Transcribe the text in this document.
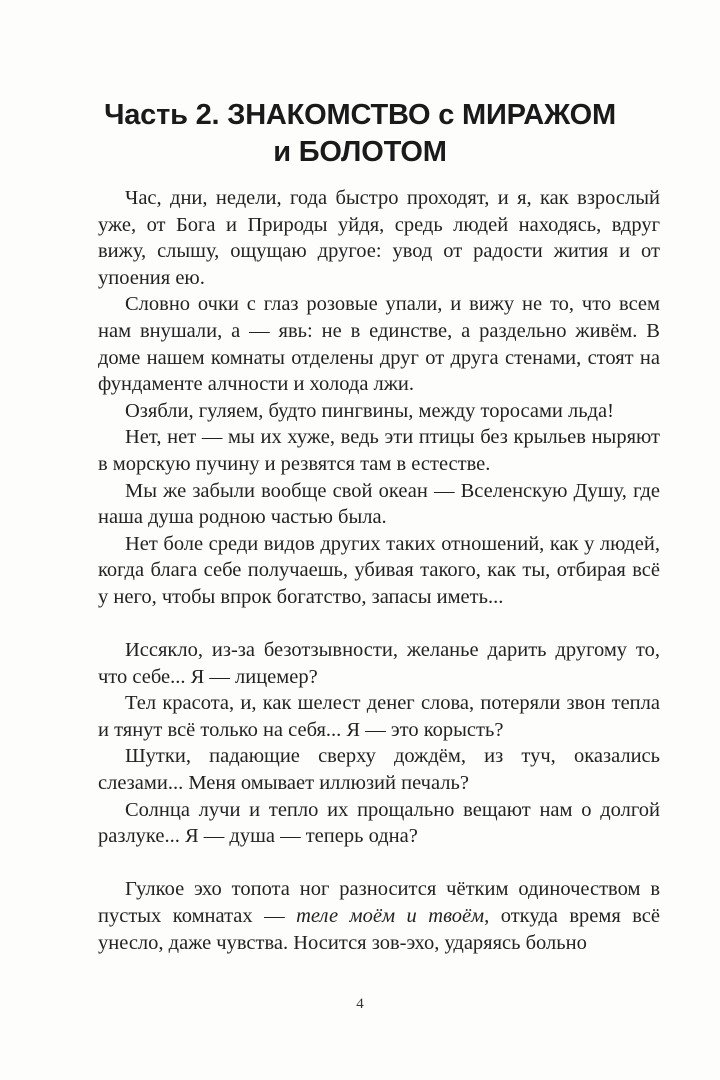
Часть 2. ЗНАКОМСТВО с МИРАЖОМ
и БОЛОТОМ

Час, дни, недели, года быстро проходят, и я, как взрослый уже, от Бога и Природы уйдя, средь людей находясь, вдруг вижу, слышу, ощущаю другое: увод от радости жития и от упоения ею.

Словно очки с глаз розовые упали, и вижу не то, что всем нам внушали, а — явь: не в единстве, а раздельно живём. В доме нашем комнаты отделены друг от друга стенами, стоят на фундаменте алчности и холода лжи.

Озябли, гуляем, будто пингвины, между торосами льда!

Нет, нет — мы их хуже, ведь эти птицы без крыльев ныряют в морскую пучину и резвятся там в естестве.

Мы же забыли вообще свой океан — Вселенскую Душу, где наша душа родною частью была.

Нет боле среди видов других таких отношений, как у людей, когда блага себе получаешь, убивая такого, как ты, отбирая всё у него, чтобы впрок богатство, запасы иметь...

Иссякло, из-за безотзывности, желанье дарить другому то, что себе... Я — лицемер?

Тел красота, и, как шелест денег слова, потеряли звон тепла и тянут всё только на себя... Я — это корысть?

Шутки, падающие сверху дождём, из туч, оказались слезами... Меня омывает иллюзий печаль?

Солнца лучи и тепло их прощально вещают нам о долгой разлуке... Я — душа — теперь одна?

Гулкое эхо топота ног разносится чётким одиночеством в пустых комнатах — теле моём и твоём, откуда время всё унесло, даже чувства. Носится зов-эхо, ударяясь больно

4
